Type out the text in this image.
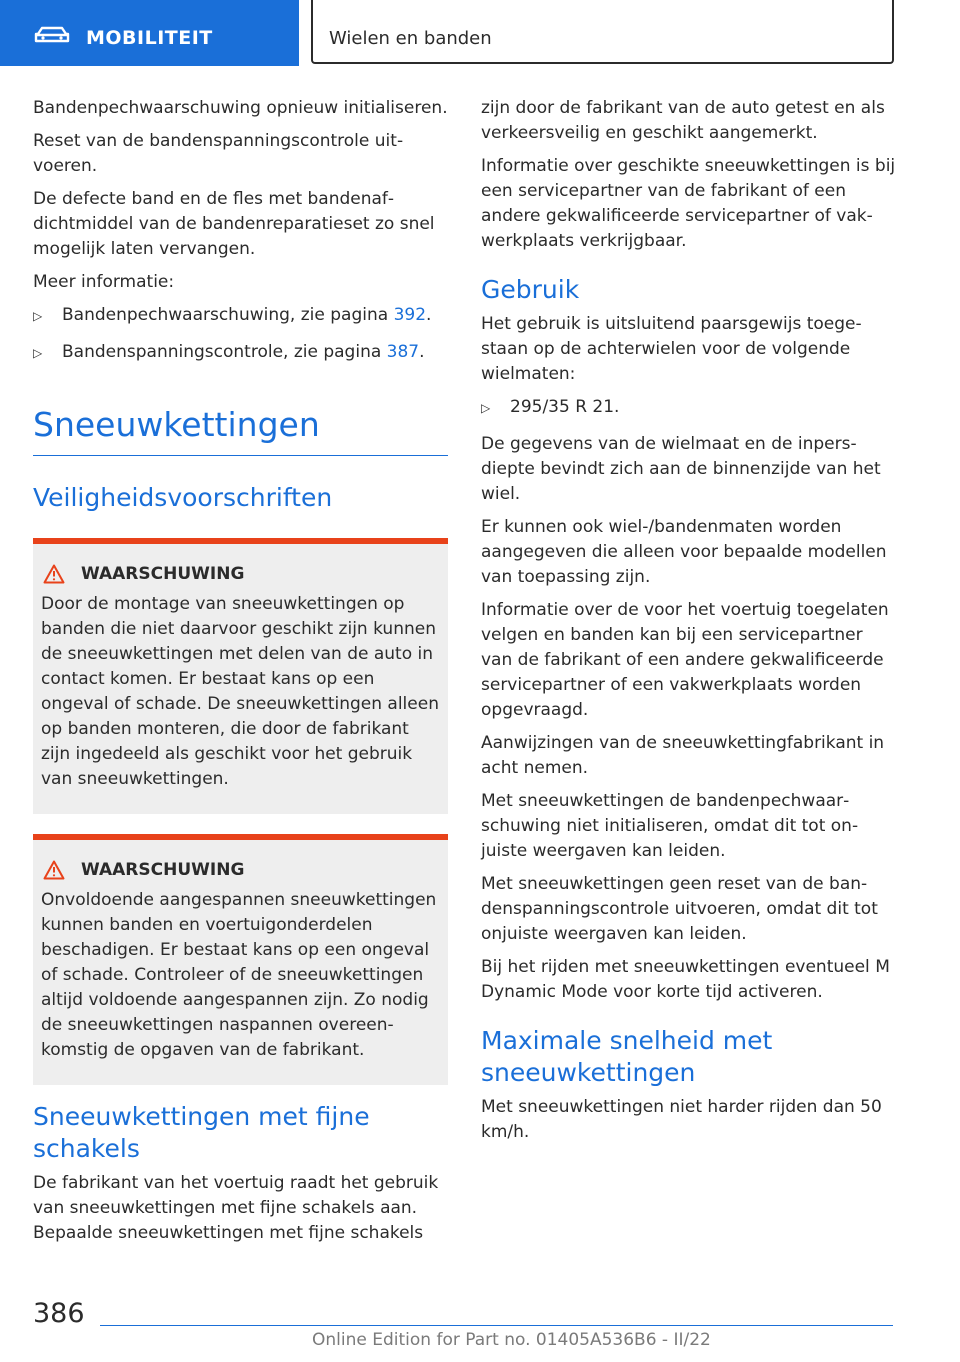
MOBILITEIT	Wielen en banden

Bandenpechwaarschuwing opnieuw initialiseren.

Reset van de bandenspanningscontrole uitvoeren.

De defecte band en de fles met bandenafdichtmiddel van de bandenreparatieset zo snel mogelijk laten vervangen.

Meer informatie:

▷ Bandenpechwaarschuwing, zie pagina 392.
▷ Bandenspanningscontrole, zie pagina 387.
Sneeuwkettingen
Veiligheidsvoorschriften
WAARSCHUWING

Door de montage van sneeuwkettingen op banden die niet daarvoor geschikt zijn kunnen de sneeuwkettingen met delen van de auto in contact komen. Er bestaat kans op een ongeval of schade. De sneeuwkettingen alleen op banden monteren, die door de fabrikant zijn ingedeeld als geschikt voor het gebruik van sneeuwkettingen.

WAARSCHUWING

Onvoldoende aangespannen sneeuwkettingen kunnen banden en voertuigonderdelen beschadigen. Er bestaat kans op een ongeval of schade. Controleer of de sneeuwkettingen altijd voldoende aangespannen zijn. Zo nodig de sneeuwkettingen naspannen overeenkomstig de opgaven van de fabrikant.

Sneeuwkettingen met fijne schakels

De fabrikant van het voertuig raadt het gebruik van sneeuwkettingen met fijne schakels aan. Bepaalde sneeuwkettingen met fijne schakels

zijn door de fabrikant van de auto getest en als verkeersveilig en geschikt aangemerkt.

Informatie over geschikte sneeuwkettingen is bij een servicepartner van de fabrikant of een andere gekwalificeerde servicepartner of vakwerkplaats verkrijgbaar.

Gebruik

Het gebruik is uitsluitend paarsgewijs toegestaan op de achterwielen voor de volgende wielmaten:

▷ 295/35 R 21.

De gegevens van de wielmaat en de inpersdiepte bevindt zich aan de binnenzijde van het wiel.

Er kunnen ook wiel-/bandenmaten worden aangegeven die alleen voor bepaalde modellen van toepassing zijn.

Informatie over de voor het voertuig toegelaten velgen en banden kan bij een servicepartner van de fabrikant of een andere gekwalificeerde servicepartner of een vakwerkplaats worden opgevraagd.

Aanwijzingen van de sneeuwkettingfabrikant in acht nemen.

Met sneeuwkettingen de bandenpechwaarschuwing niet initialiseren, omdat dit tot onjuiste weergaven kan leiden.

Met sneeuwkettingen geen reset van de bandenspanningscontrole uitvoeren, omdat dit tot onjuiste weergaven kan leiden.

Bij het rijden met sneeuwkettingen eventueel M Dynamic Mode voor korte tijd activeren.

Maximale snelheid met sneeuwkettingen

Met sneeuwkettingen niet harder rijden dan 50 km/h.

386
Online Edition for Part no. 01405A536B6 - II/22
